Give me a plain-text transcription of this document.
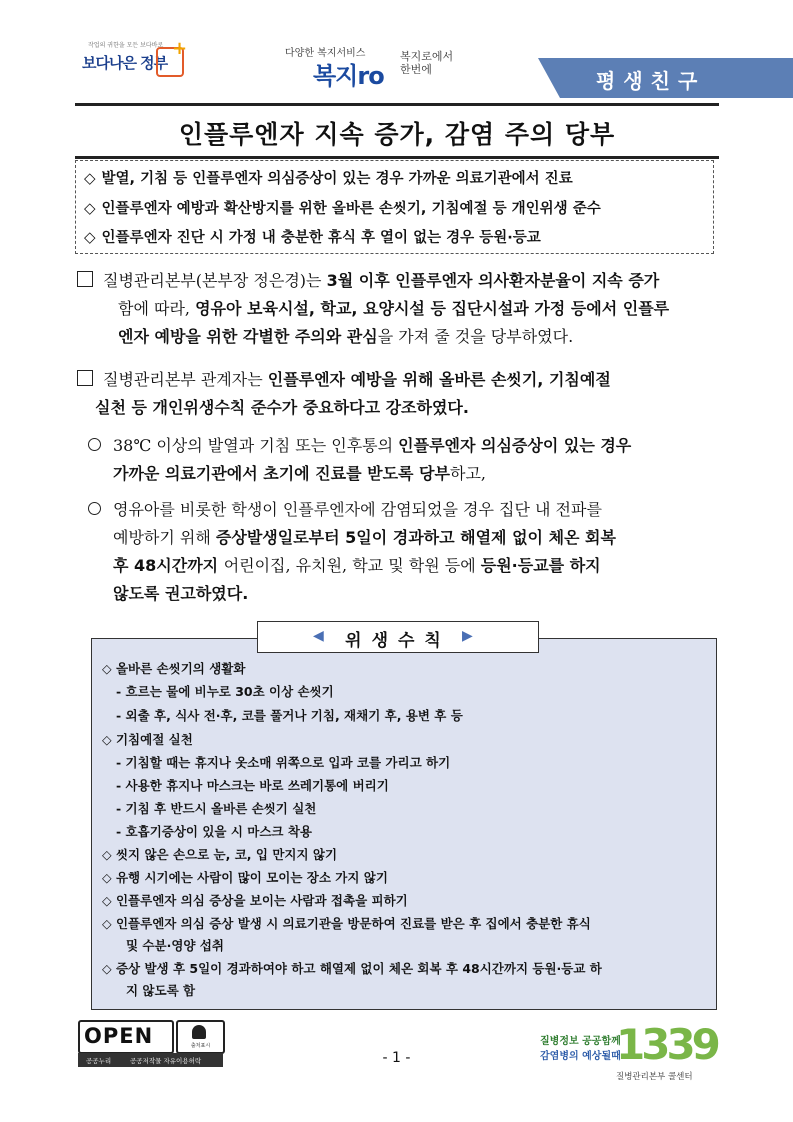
작업의 귀한을 모든 보다바로
보다나은 정부
+	다양한 복지서비스
복지ro
복지로에서
한번에	평생친구
인플루엔자 지속 증가, 감염 주의 당부
◇ 발열, 기침 등 인플루엔자 의심증상이 있는 경우 가까운 의료기관에서 진료
◇ 인플루엔자 예방과 확산방지를 위한 올바른 손씻기, 기침예절 등 개인위생 준수
◇ 인플루엔자 진단 시 가정 내 충분한 휴식 후 열이 없는 경우 등원·등교
질병관리본부(본부장 정은경)는 3월 이후 인플루엔자 의사환자분율이 지속 증가
함에 따라, 영유아 보육시설, 학교, 요양시설 등 집단시설과 가정 등에서 인플루
엔자 예방을 위한 각별한 주의와 관심을 가져 줄 것을 당부하였다.
질병관리본부 관계자는 인플루엔자 예방을 위해 올바른 손씻기, 기침예절
실천 등 개인위생수칙 준수가 중요하다고 강조하였다.
38℃ 이상의 발열과 기침 또는 인후통의 인플루엔자 의심증상이 있는 경우
가까운 의료기관에서 초기에 진료를 받도록 당부하고,
영유아를 비롯한 학생이 인플루엔자에 감염되었을 경우 집단 내 전파를
예방하기 위해 증상발생일로부터 5일이 경과하고 해열제 없이 체온 회복
후 48시간까지 어린이집, 유치원, 학교 및 학원 등에 등원·등교를 하지
않도록 권고하였다.
◇ 올바른 손씻기의 생활화
- 흐르는 물에 비누로 30초 이상 손씻기
- 외출 후, 식사 전·후, 코를 풀거나 기침, 재채기 후, 용변 후 등
◇ 기침예절 실천
- 기침할 때는 휴지나 옷소매 위쪽으로 입과 코를 가리고 하기
- 사용한 휴지나 마스크는 바로 쓰레기통에 버리기
- 기침 후 반드시 올바른 손씻기 실천
- 호흡기증상이 있을 시 마스크 착용
◇ 씻지 않은 손으로 눈, 코, 입 만지지 않기
◇ 유행 시기에는 사람이 많이 모이는 장소 가지 않기
◇ 인플루엔자 의심 증상을 보이는 사람과 접촉을 피하기
◇ 인플루엔자 의심 증상 발생 시 의료기관을 방문하여 진료를 받은 후 집에서 충분한 휴식
및 수분·영양 섭취
◇ 증상 발생 후 5일이 경과하여야 하고 해열제 없이 체온 회복 후 48시간까지 등원·등교 하
지 않도록 함
◀	위생수칙 ▶
OPEN	출처표시
공공누리	공공저작물 자유이용허락	- 1 -
질병정보 공공함께
감염병의 예상될때
1339
질병관리본부 콜센터
